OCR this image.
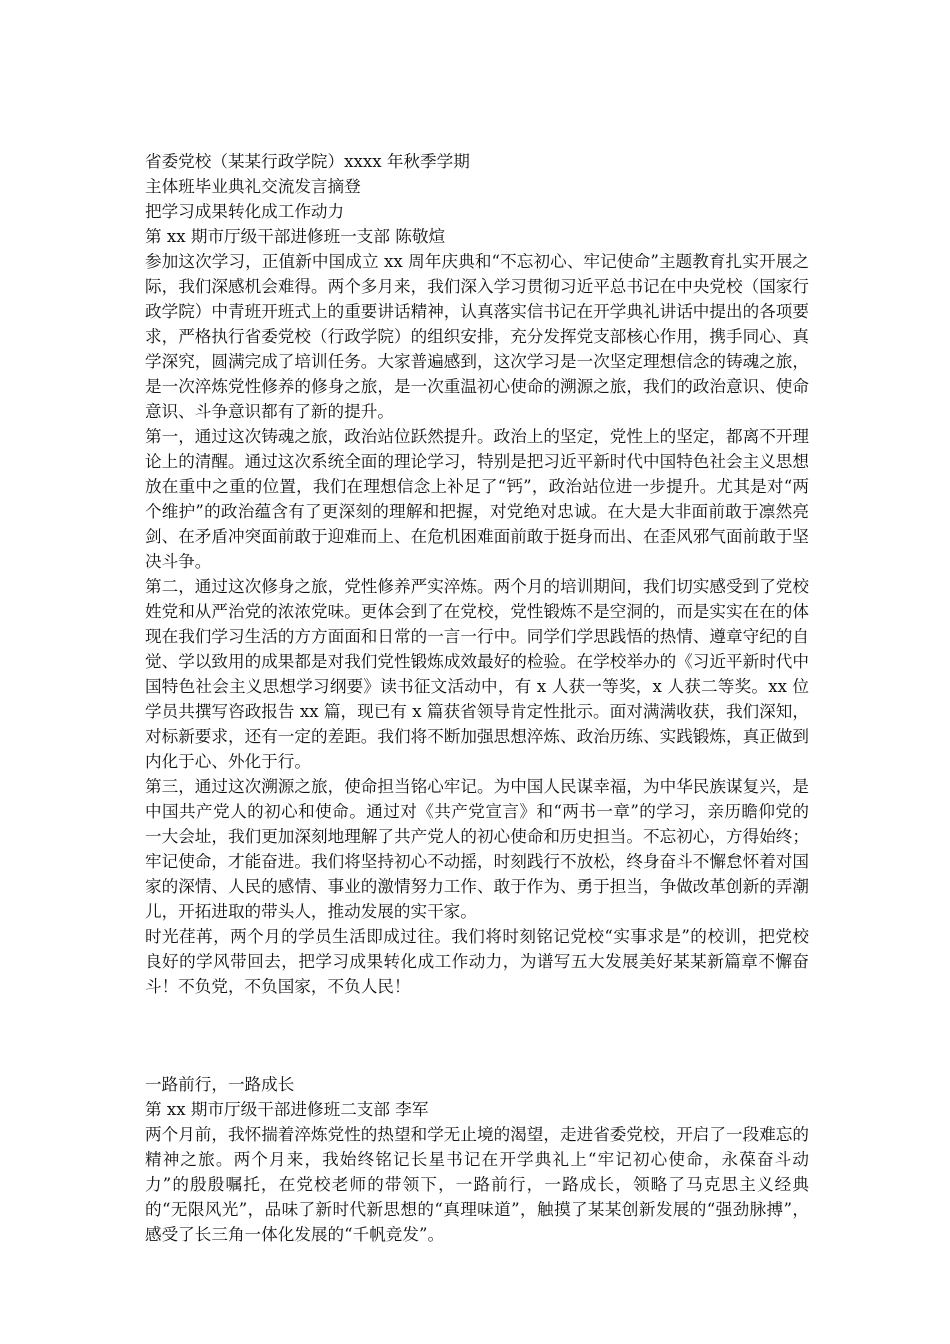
省委党校（某某行政学院）xxxx 年秋季学期
主体班毕业典礼交流发言摘登
把学习成果转化成工作动力
第 xx 期市厅级干部进修班一支部 陈敬煊

参加这次学习，正值新中国成立 xx 周年庆典和“不忘初心、牢记使命”主题教育扎实开展之际，我们深感机会难得。两个多月来，我们深入学习贯彻习近平总书记在中央党校（国家行政学院）中青班开班式上的重要讲话精神，认真落实信书记在开学典礼讲话中提出的各项要求，严格执行省委党校（行政学院）的组织安排，充分发挥党支部核心作用，携手同心、真学深究，圆满完成了培训任务。大家普遍感到，这次学习是一次坚定理想信念的铸魂之旅，是一次淬炼党性修养的修身之旅，是一次重温初心使命的溯源之旅，我们的政治意识、使命意识、斗争意识都有了新的提升。

第一，通过这次铸魂之旅，政治站位跃然提升。政治上的坚定，党性上的坚定，都离不开理论上的清醒。通过这次系统全面的理论学习，特别是把习近平新时代中国特色社会主义思想放在重中之重的位置，我们在理想信念上补足了“钙”，政治站位进一步提升。尤其是对“两个维护”的政治蕴含有了更深刻的理解和把握，对党绝对忠诚。在大是大非面前敢于凛然亮剑、在矛盾冲突面前敢于迎难而上、在危机困难面前敢于挺身而出、在歪风邪气面前敢于坚决斗争。

第二，通过这次修身之旅，党性修养严实淬炼。两个月的培训期间，我们切实感受到了党校姓党和从严治党的浓浓党味。更体会到了在党校，党性锻炼不是空洞的，而是实实在在的体现在我们学习生活的方方面面和日常的一言一行中。同学们学思践悟的热情、遵章守纪的自觉、学以致用的成果都是对我们党性锻炼成效最好的检验。在学校举办的《习近平新时代中国特色社会主义思想学习纲要》读书征文活动中，有 x 人获一等奖，x 人获二等奖。xx 位学员共撰写咨政报告 xx 篇，现已有 x 篇获省领导肯定性批示。面对满满收获，我们深知，对标新要求，还有一定的差距。我们将不断加强思想淬炼、政治历练、实践锻炼，真正做到内化于心、外化于行。

第三，通过这次溯源之旅，使命担当铭心牢记。为中国人民谋幸福，为中华民族谋复兴，是中国共产党人的初心和使命。通过对《共产党宣言》和“两书一章”的学习，亲历瞻仰党的一大会址，我们更加深刻地理解了共产党人的初心使命和历史担当。不忘初心，方得始终；牢记使命，才能奋进。我们将坚持初心不动摇，时刻践行不放松，终身奋斗不懈怠怀着对国家的深情、人民的感情、事业的激情努力工作、敢于作为、勇于担当，争做改革创新的弄潮儿，开拓进取的带头人，推动发展的实干家。

时光荏苒，两个月的学员生活即成过往。我们将时刻铭记党校“实事求是”的校训，把党校良好的学风带回去，把学习成果转化成工作动力，为谱写五大发展美好某某新篇章不懈奋斗！不负党，不负国家，不负人民！

一路前行，一路成长
第 xx 期市厅级干部进修班二支部 李军

两个月前，我怀揣着淬炼党性的热望和学无止境的渴望，走进省委党校，开启了一段难忘的精神之旅。两个月来，我始终铭记长星书记在开学典礼上“牢记初心使命，永葆奋斗动力”的殷殷嘱托，在党校老师的带领下，一路前行，一路成长，领略了马克思主义经典的“无限风光”，品味了新时代新思想的“真理味道”，触摸了某某创新发展的“强劲脉搏”，感受了长三角一体化发展的“千帆竞发”。
